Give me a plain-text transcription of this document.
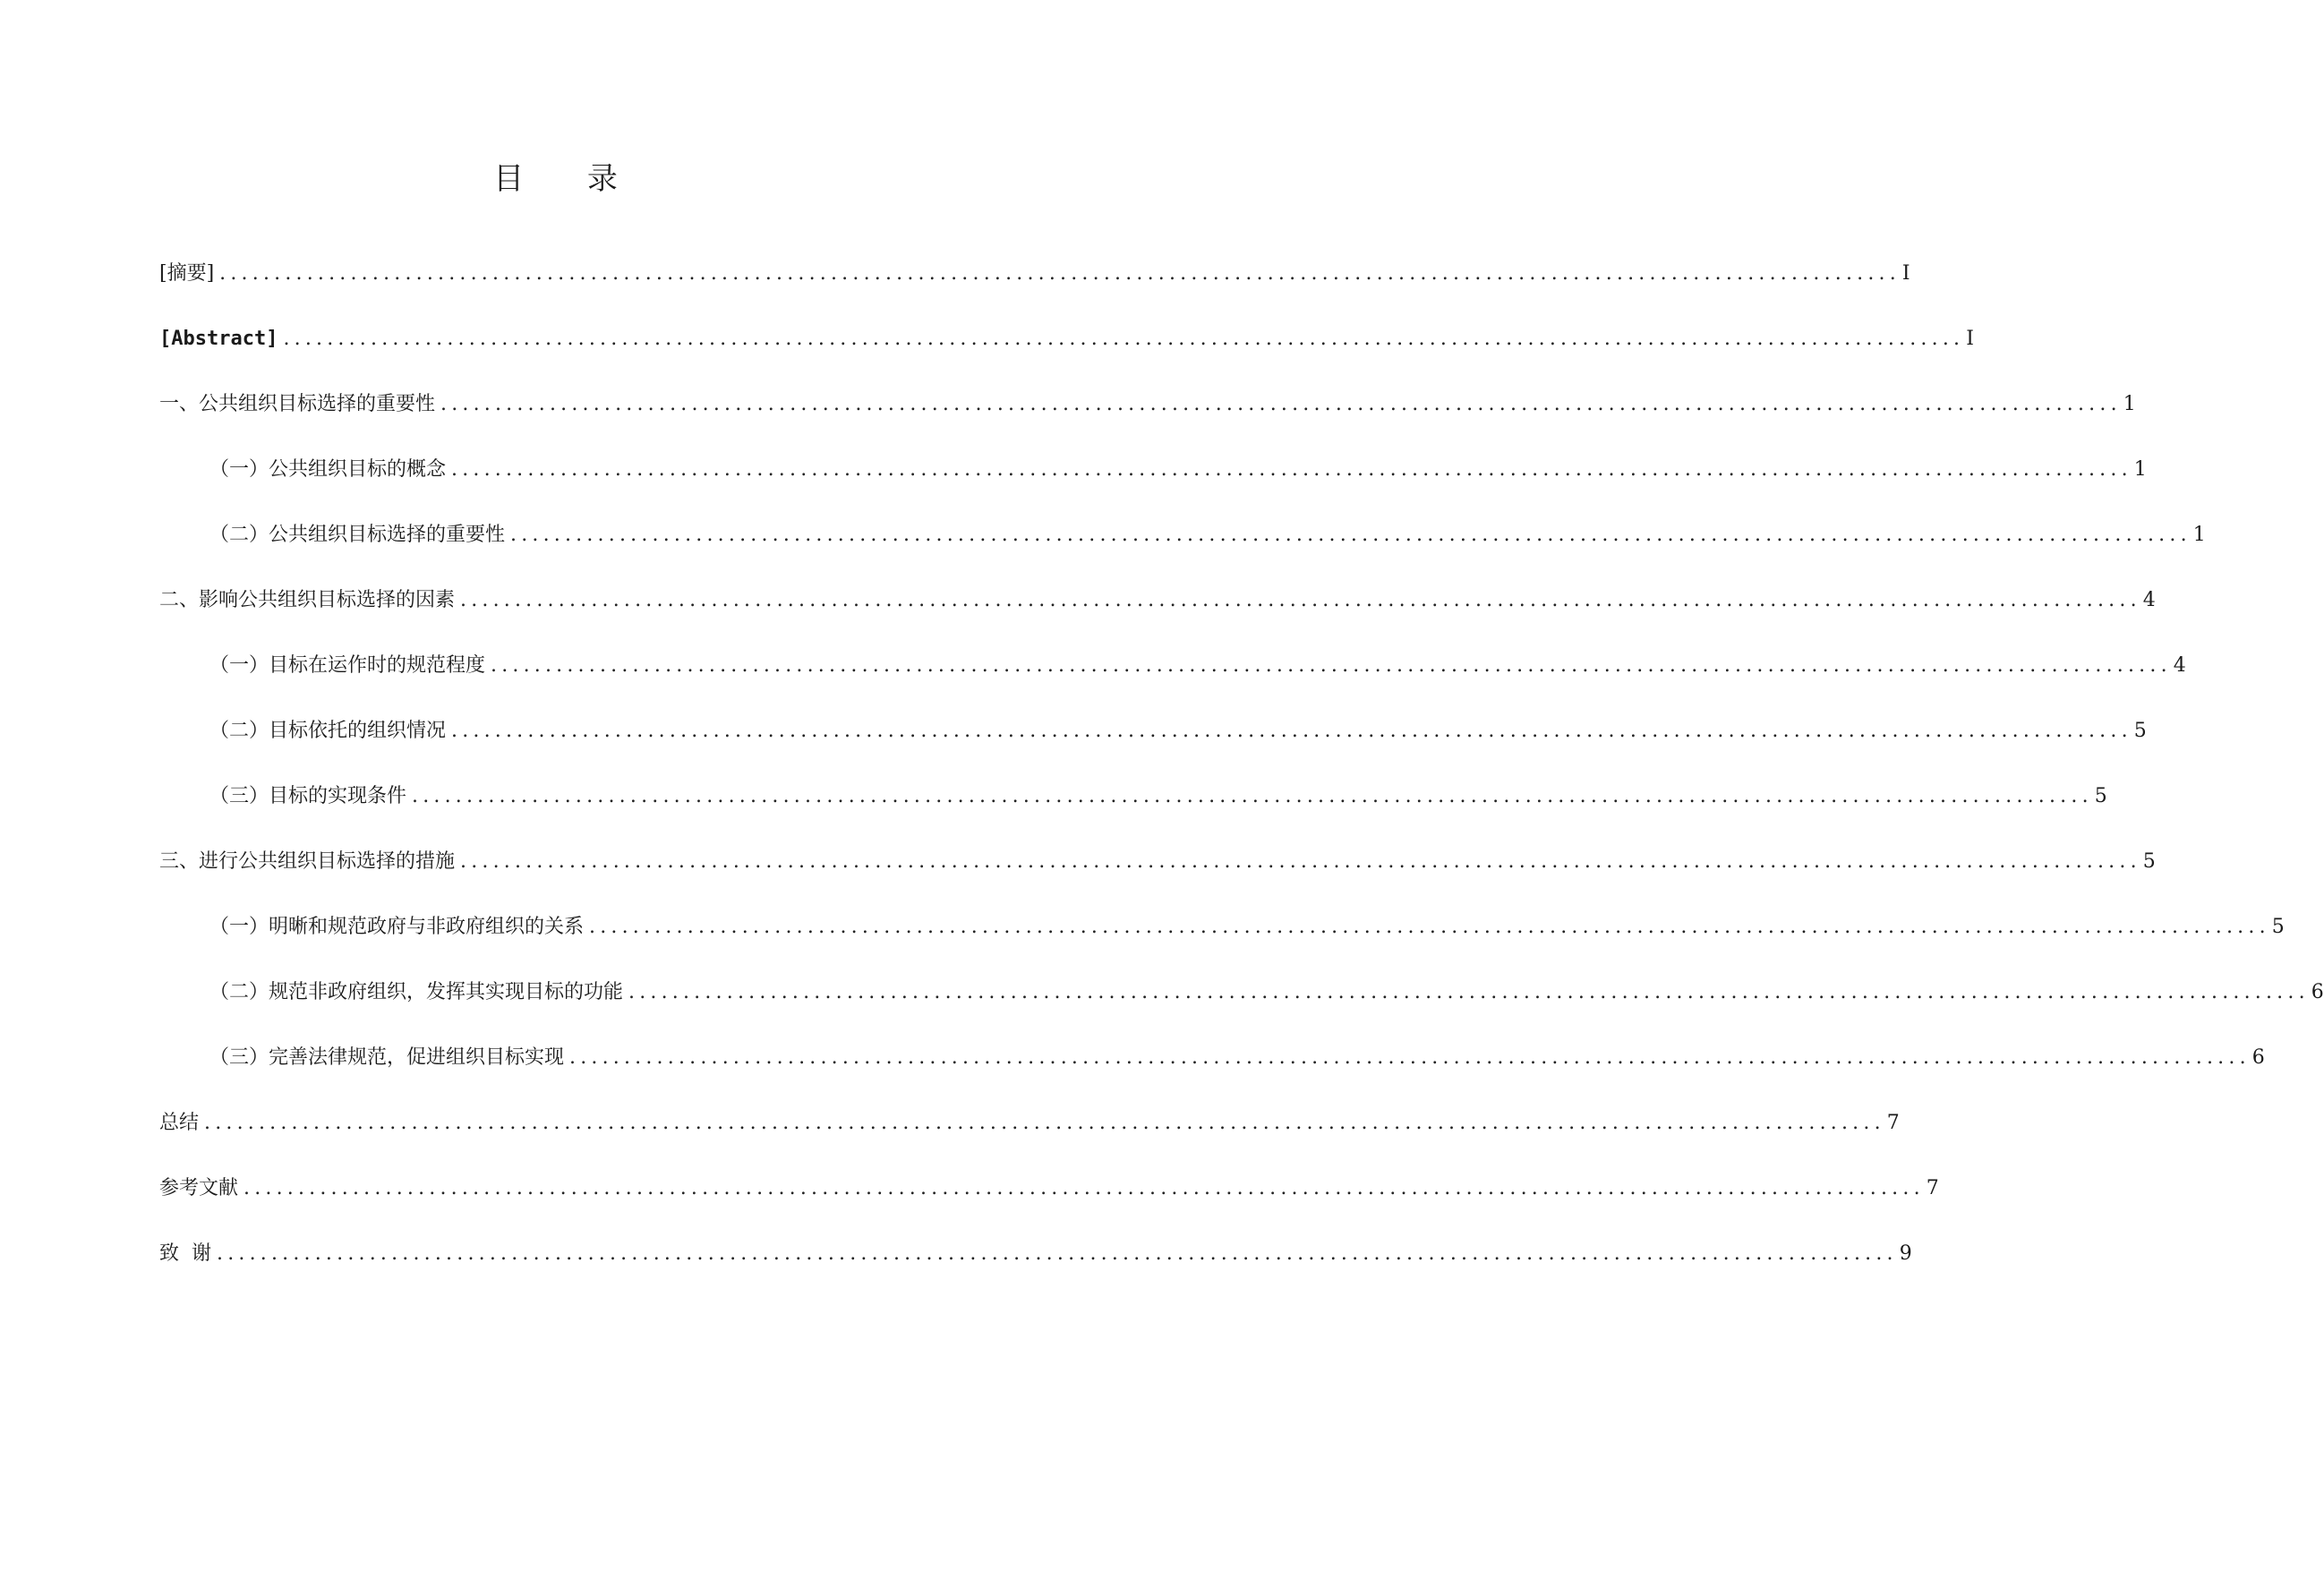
目 录
[摘要] .......................................................................................................................................................... I
[Abstract] .......................................................................................................................................................... I
一、公共组织目标选择的重要性 .......................................................................................................................................................... 1
（一）公共组织目标的概念 .......................................................................................................................................................... 1
（二）公共组织目标选择的重要性 .......................................................................................................................................................... 1
二、影响公共组织目标选择的因素 .......................................................................................................................................................... 4
（一）目标在运作时的规范程度 .......................................................................................................................................................... 4
（二）目标依托的组织情况 .......................................................................................................................................................... 5
（三）目标的实现条件 .......................................................................................................................................................... 5
三、进行公共组织目标选择的措施 .......................................................................................................................................................... 5
（一）明晰和规范政府与非政府组织的关系 .......................................................................................................................................................... 5
（二）规范非政府组织，发挥其实现目标的功能 .......................................................................................................................................................... 6
（三）完善法律规范，促进组织目标实现 .......................................................................................................................................................... 6
总结 .......................................................................................................................................................... 7
参考文献 .......................................................................................................................................................... 7
致  谢 .......................................................................................................................................................... 9
